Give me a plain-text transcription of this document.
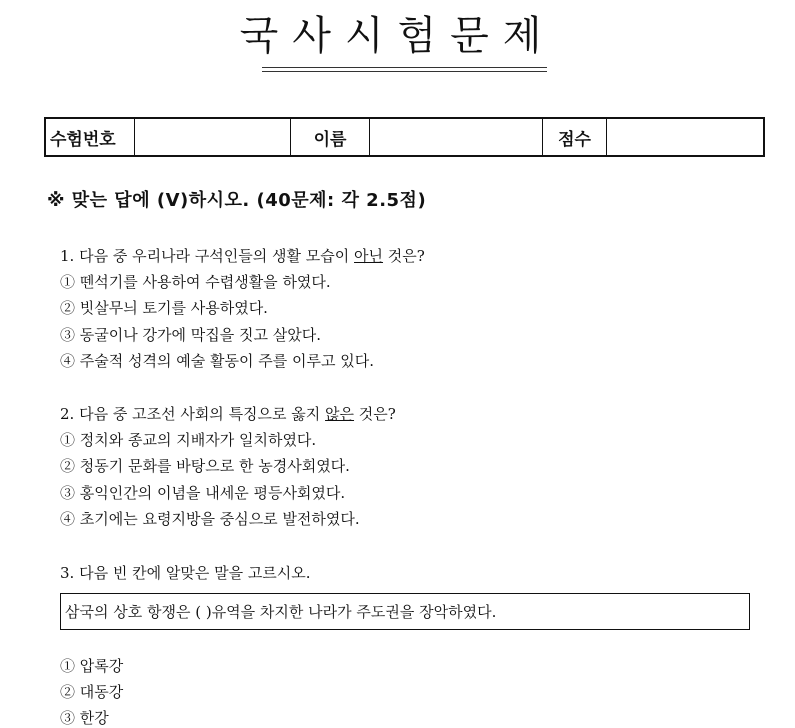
국사시험문제
수험번호	이름	점수
※ 맞는 답에 (V)하시오. (40문제: 각 2.5점)
1. 다음 중 우리나라 구석인들의 생활 모습이 아닌 것은?
① 뗀석기를 사용하여 수렵생활을 하였다.
② 빗살무늬 토기를 사용하였다.
③ 동굴이나 강가에 막집을 짓고 살았다.
④ 주술적 성격의 예술 활동이 주를 이루고 있다.
2. 다음 중 고조선 사회의 특징으로 옳지 않은 것은?
① 정치와 종교의 지배자가 일치하였다.
② 청동기 문화를 바탕으로 한 농경사회였다.
③ 홍익인간의 이념을 내세운 평등사회였다.
④ 초기에는 요령지방을 중심으로 발전하였다.
3. 다음 빈 칸에 알맞은 말을 고르시오.
삼국의 상호 항쟁은 ( )유역을 차지한 나라가 주도권을 장악하였다.
① 압록강
② 대동강
③ 한강
